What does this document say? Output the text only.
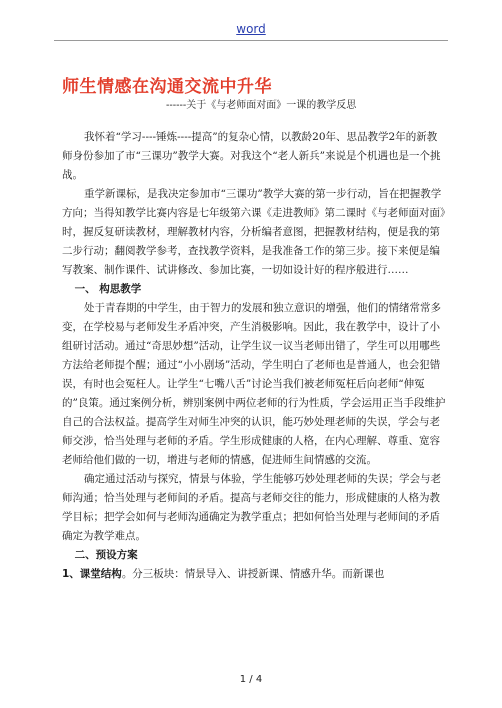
word
师生情感在沟通交流中升华
------关于《与老师面对面》一课的教学反思

我怀着“学习----锤炼----提高”的复杂心情，以教龄20年、思品教学2年的新教师身份参加了市“三课功”教学大赛。对我这个“老人新兵”来说是个机遇也是一个挑战。

重学新课标，是我决定参加市“三课功”教学大赛的第一步行动，旨在把握教学方向；当得知教学比赛内容是七年级第六课《走进教师》第二课时《与老师面对面》时，握反复研读教材，理解教材内容，分析编者意图，把握教材结构，便是我的第二步行动；翻阅教学参考，查找教学资料，是我准备工作的第三步。接下来便是编写教案、制作课件、试讲修改、参加比赛，一切如设计好的程序般进行……

一、 构思教学

处于青春期的中学生，由于智力的发展和独立意识的增强，他们的情绪常常多变，在学校易与老师发生矛盾冲突，产生消极影响。因此，我在教学中，设计了小组研讨活动。通过“奇思妙想”活动，让学生议一议当老师出错了，学生可以用哪些方法给老师提个醒；通过“小小剧场”活动，学生明白了老师也是普通人，也会犯错误，有时也会冤枉人。让学生“七嘴八舌”讨论当我们被老师冤枉后向老师“伸冤的”良策。通过案例分析，辨别案例中两位老师的行为性质，学会运用正当手段维护自己的合法权益。提高学生对师生冲突的认识，能巧妙处理老师的失误，学会与老师交涉，恰当处理与老师的矛盾。学生形成健康的人格，在内心理解、尊重、宽容老师给他们做的一切，增进与老师的情感，促进师生间情感的交流。

确定通过活动与探究，情景与体验，学生能够巧妙处理老师的失误；学会与老师沟通；恰当处理与老师间的矛盾。提高与老师交往的能力，形成健康的人格为教学目标；把学会如何与老师沟通确定为教学重点；把如何恰当处理与老师间的矛盾确定为教学难点。

二、预设方案

1、课堂结构。分三板块：情景导入、讲授新课、情感升华。而新课也

1 / 4
